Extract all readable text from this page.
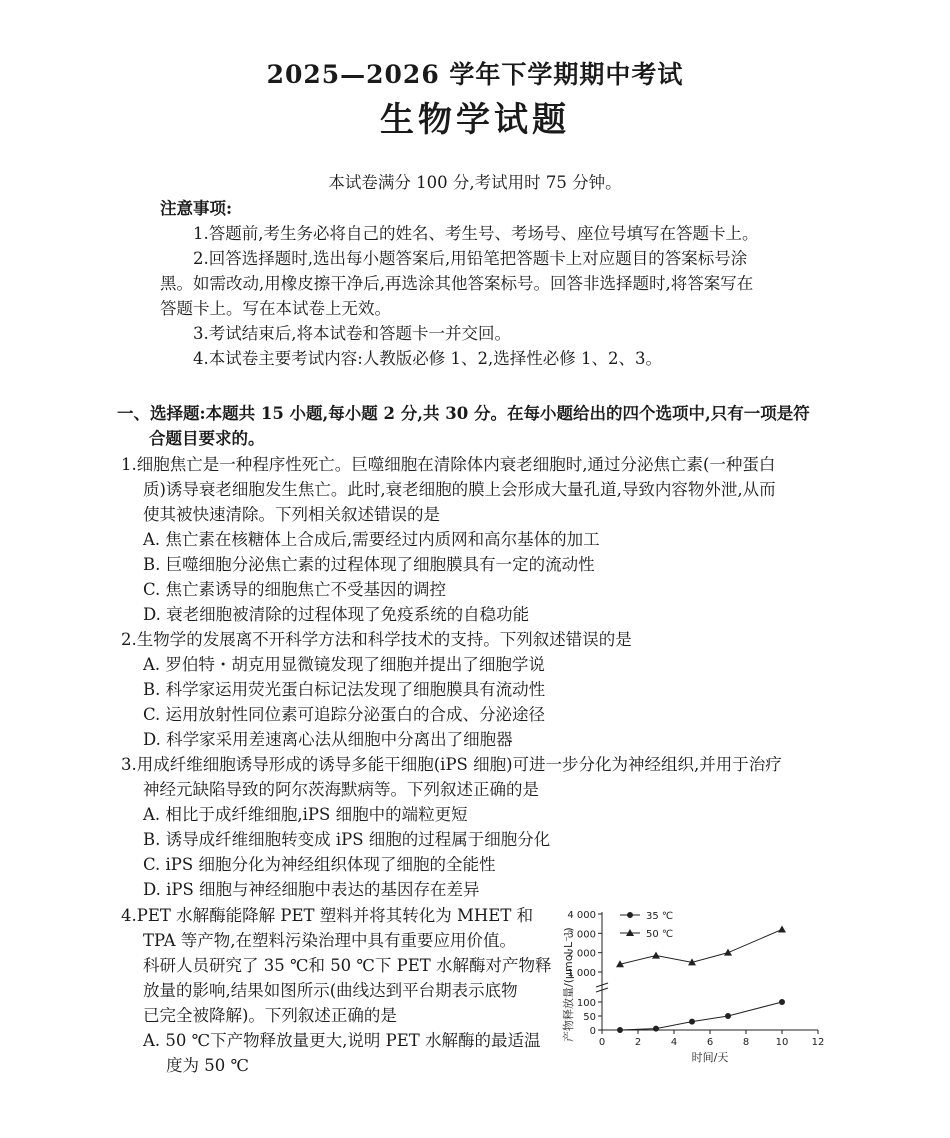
2025—2026 学年下学期期中考试
生物学试题
本试卷满分 100 分,考试用时 75 分钟。
注意事项:
1.答题前,考生务必将自己的姓名、考生号、考场号、座位号填写在答题卡上。
2.回答选择题时,选出每小题答案后,用铅笔把答题卡上对应题目的答案标号涂
黑。如需改动,用橡皮擦干净后,再选涂其他答案标号。回答非选择题时,将答案写在
答题卡上。写在本试卷上无效。
3.考试结束后,将本试卷和答题卡一并交回。
4.本试卷主要考试内容:人教版必修 1、2,选择性必修 1、2、3。
一、选择题:本题共 15 小题,每小题 2 分,共 30 分。在每小题给出的四个选项中,只有一项是符
合题目要求的。
1.细胞焦亡是一种程序性死亡。巨噬细胞在清除体内衰老细胞时,通过分泌焦亡素(一种蛋白
质)诱导衰老细胞发生焦亡。此时,衰老细胞的膜上会形成大量孔道,导致内容物外泄,从而
使其被快速清除。下列相关叙述错误的是
A. 焦亡素在核糖体上合成后,需要经过内质网和高尔基体的加工
B. 巨噬细胞分泌焦亡素的过程体现了细胞膜具有一定的流动性
C. 焦亡素诱导的细胞焦亡不受基因的调控
D. 衰老细胞被清除的过程体现了免疫系统的自稳功能
2.生物学的发展离不开科学方法和科学技术的支持。下列叙述错误的是
A. 罗伯特・胡克用显微镜发现了细胞并提出了细胞学说
B. 科学家运用荧光蛋白标记法发现了细胞膜具有流动性
C. 运用放射性同位素可追踪分泌蛋白的合成、分泌途径
D. 科学家采用差速离心法从细胞中分离出了细胞器
3.用成纤维细胞诱导形成的诱导多能干细胞(iPS 细胞)可进一步分化为神经组织,并用于治疗
神经元缺陷导致的阿尔茨海默病等。下列叙述正确的是
A. 相比于成纤维细胞,iPS 细胞中的端粒更短
B. 诱导成纤维细胞转变成 iPS 细胞的过程属于细胞分化
C. iPS 细胞分化为神经组织体现了细胞的全能性
D. iPS 细胞与神经细胞中表达的基因存在差异
4.PET 水解酶能降解 PET 塑料并将其转化为 MHET 和
TPA 等产物,在塑料污染治理中具有重要应用价值。
科研人员研究了 35 ℃和 50 ℃下 PET 水解酶对产物释
放量的影响,结果如图所示(曲线达到平台期表示底物
已完全被降解)。下列叙述正确的是
A. 50 ℃下产物释放量更大,说明 PET 水解酶的最适温
度为 50 ℃
产物释放量/(μmol·L⁻¹)
1 000
2 000
3 000
4 000
0
50
100
0	2	4	6	8	10 12
35 ℃
50 ℃
时间/天
